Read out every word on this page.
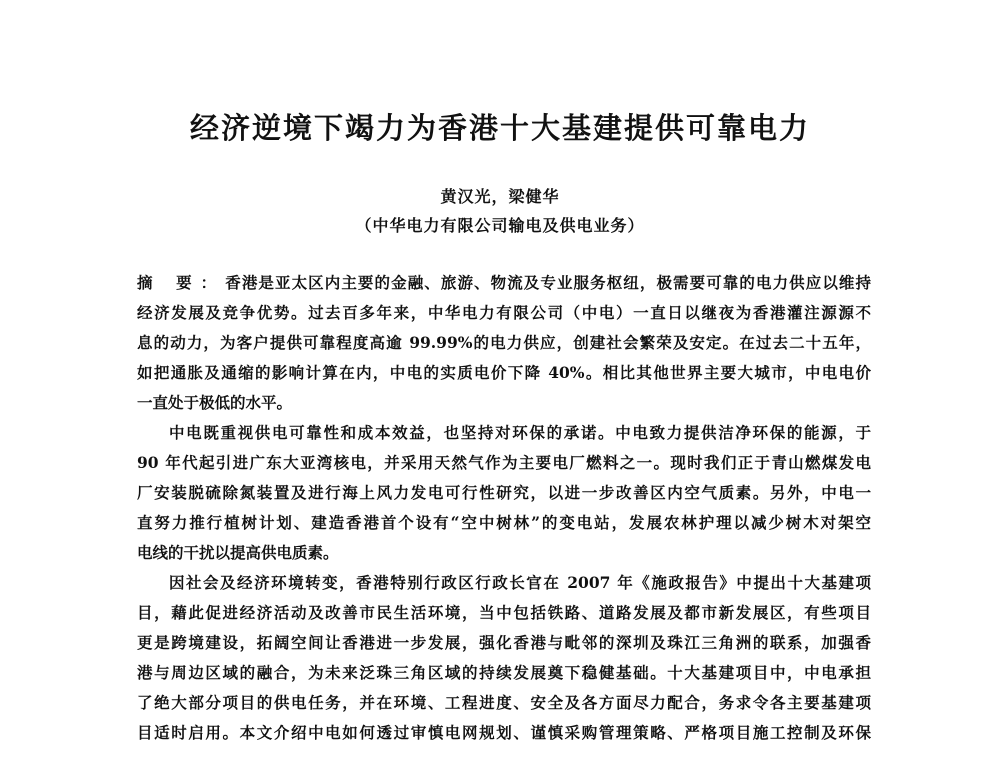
经济逆境下竭力为香港十大基建提供可靠电力
黄汉光，梁健华
（中华电力有限公司输电及供电业务）
摘 要：香港是亚太区内主要的金融、旅游、物流及专业服务枢纽，极需要可靠的电力供应以维持
经济发展及竞争优势。过去百多年来，中华电力有限公司（中电）一直日以继夜为香港灌注源源不
息的动力，为客户提供可靠程度高逾 99.99%的电力供应，创建社会繁荣及安定。在过去二十五年，
如把通胀及通缩的影响计算在内，中电的实质电价下降 40%。相比其他世界主要大城市，中电电价
一直处于极低的水平。
中电既重视供电可靠性和成本效益，也坚持对环保的承诺。中电致力提供洁净环保的能源，于
90 年代起引进广东大亚湾核电，并采用天然气作为主要电厂燃料之一。现时我们正于青山燃煤发电
厂安装脱硫除氮装置及进行海上风力发电可行性研究，以进一步改善区内空气质素。另外，中电一
直努力推行植树计划、建造香港首个设有“空中树林”的变电站，发展农林护理以减少树木对架空
电线的干扰以提高供电质素。
因社会及经济环境转变，香港特别行政区行政长官在 2007 年《施政报告》中提出十大基建项
目，藉此促进经济活动及改善市民生活环境，当中包括铁路、道路发展及都市新发展区，有些项目
更是跨境建设，拓阔空间让香港进一步发展，强化香港与毗邻的深圳及珠江三角洲的联系，加强香
港与周边区域的融合，为未来泛珠三角区域的持续发展奠下稳健基础。十大基建项目中，中电承担
了绝大部分项目的供电任务，并在环境、工程进度、安全及各方面尽力配合，务求令各主要基建项
目适时启用。本文介绍中电如何透过审慎电网规划、谨慎采购管理策略、严格项目施工控制及环保
